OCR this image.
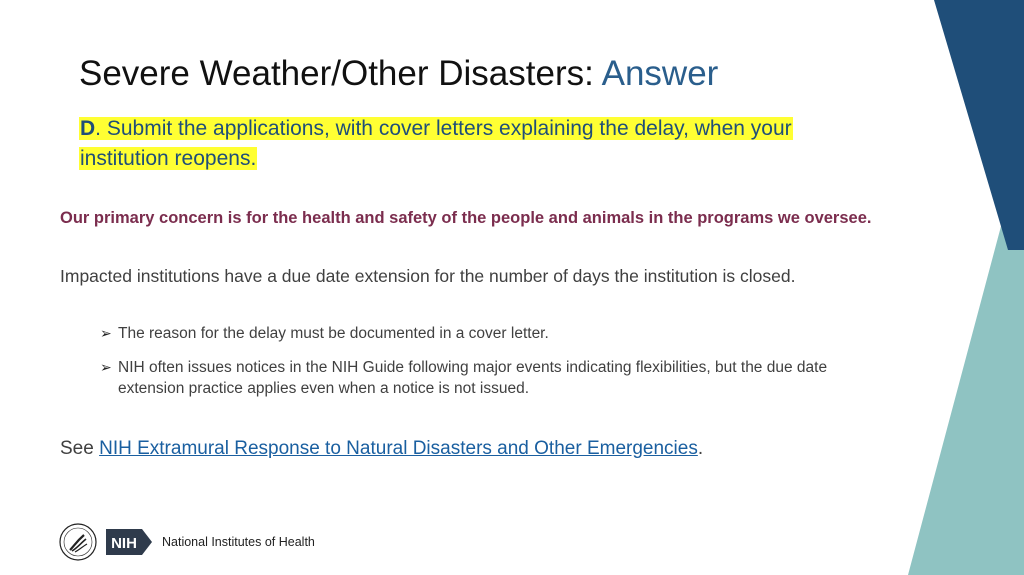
Severe Weather/Other Disasters: Answer
D. Submit the applications, with cover letters explaining the delay, when your institution reopens.
Our primary concern is for the health and safety of the people and animals in the programs we oversee.
Impacted institutions have a due date extension for the number of days the institution is closed.
➢ The reason for the delay must be documented in a cover letter.
➢ NIH often issues notices in the NIH Guide following major events indicating flexibilities, but the due date extension practice applies even when a notice is not issued.
See NIH Extramural Response to Natural Disasters and Other Emergencies.
NIH National Institutes of Health
